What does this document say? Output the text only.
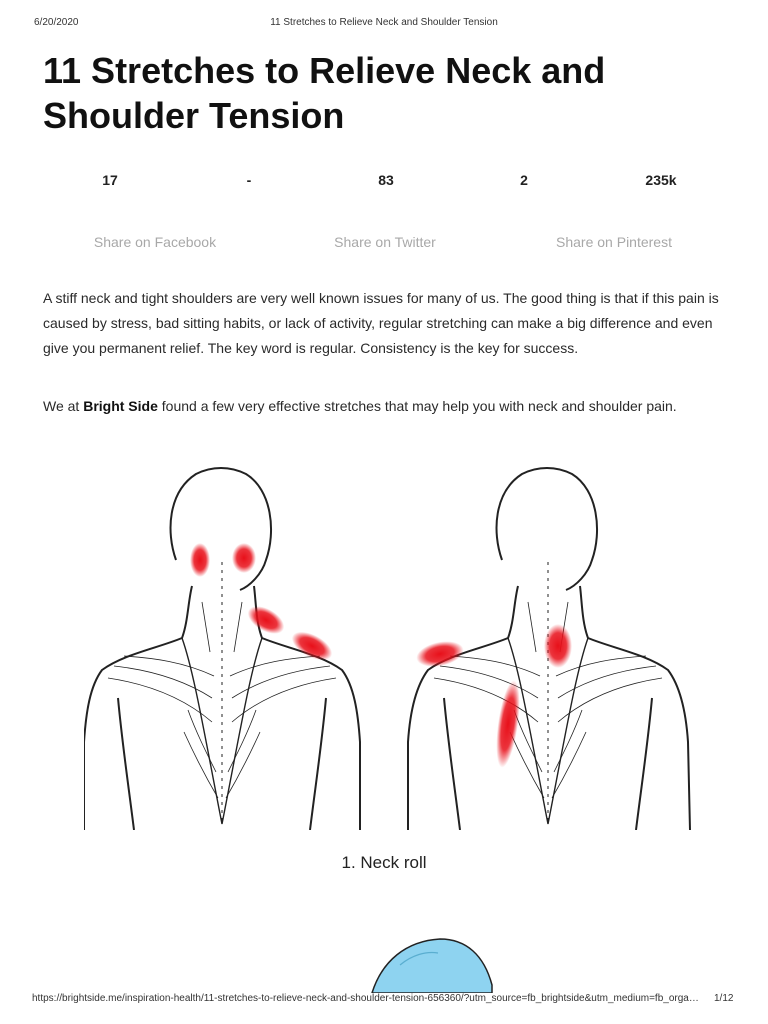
6/20/2020	11 Stretches to Relieve Neck and Shoulder Tension
11 Stretches to Relieve Neck and
Shoulder Tension
17	-	83	2	235k
Share on Facebook	Share on Twitter	Share on Pinterest

A stiff neck and tight shoulders are very well known issues for many of us. The good thing is that if this pain is caused by stress, bad sitting habits, or lack of activity, regular stretching can make a big difference and even give you permanent relief. The key word is regular. Consistency is the key for success.

We at Bright Side found a few very effective stretches that may help you with neck and shoulder pain.

1. Neck roll
https://brightside.me/inspiration-health/11-stretches-to-relieve-neck-and-shoulder-tension-656360/?utm_source=fb_brightside&utm_medium=fb_orga… 1/12
